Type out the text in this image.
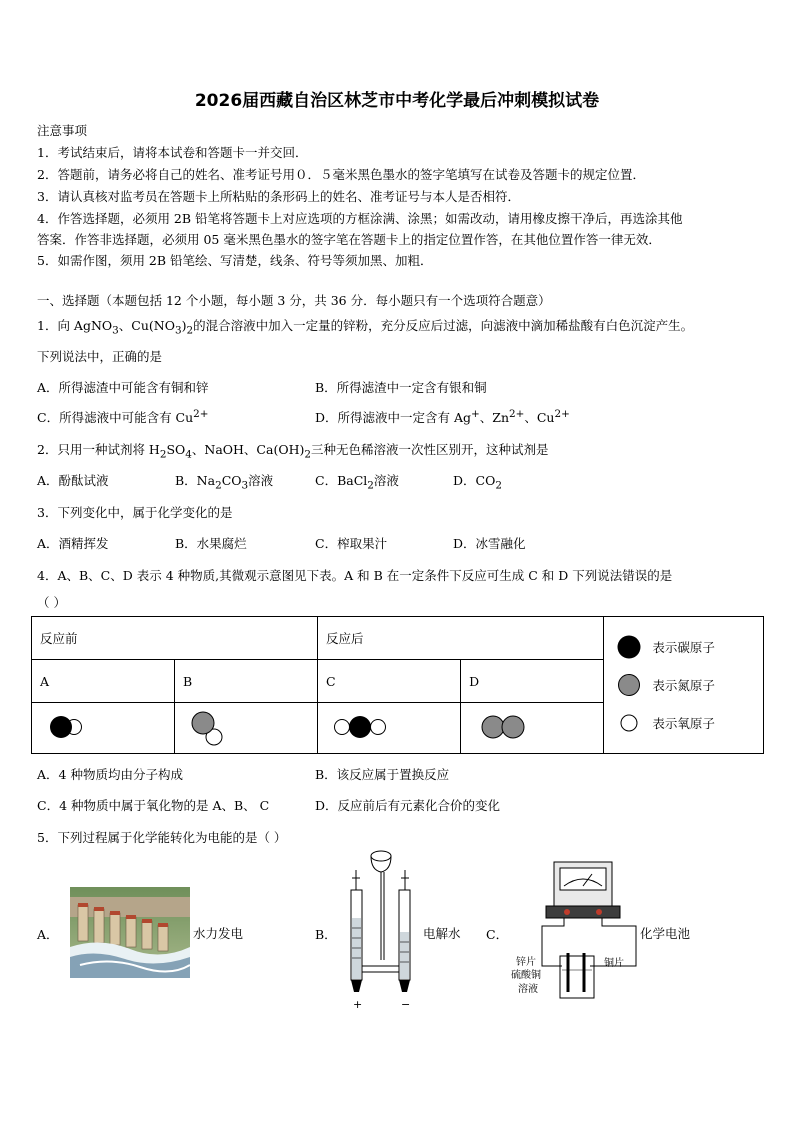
2026届西藏自治区林芝市中考化学最后冲刺模拟试卷
注意事项
1．考试结束后，请将本试卷和答题卡一并交回．
2．答题前，请务必将自己的姓名、准考证号用０．５毫米黑色墨水的签字笔填写在试卷及答题卡的规定位置．
3．请认真核对监考员在答题卡上所粘贴的条形码上的姓名、准考证号与本人是否相符．
4．作答选择题，必须用 2B 铅笔将答题卡上对应选项的方框涂满、涂黑；如需改动，请用橡皮擦干净后，再选涂其他
答案．作答非选择题，必须用 05 毫米黑色墨水的签字笔在答题卡上的指定位置作答，在其他位置作答一律无效．
5．如需作图，须用 2B 铅笔绘、写清楚，线条、符号等须加黑、加粗．
一、选择题（本题包括 12 个小题，每小题 3 分，共 36 分．每小题只有一个选项符合题意）
1．向 AgNO$_3$、$Cu(NO_3)_2$的混合溶液中加入一定量的锌粉，充分反应后过滤，向滤液中滴加稀盐酸有白色沉淀产生。
下列说法中，正确的是
A．所得滤渣中可能含有铜和锌	B．所得滤渣中一定含有银和铜
C．所得滤液中可能含有 $Cu^{2+}$	D．所得滤液中一定含有 Ag+、$Zn^{2+}$、$Cu^{2+}$
2．只用一种试剂将 $H_2SO_4$、NaOH、$Ca(OH)_2$三种无色稀溶液一次性区别开，这种试剂是
A．酚酞试液	B．$Na_2CO_3$溶液	C．BaCl$_2$溶液	D．$CO_2$
3．下列变化中，属于化学变化的是
A．酒精挥发	B．水果腐烂	C．榨取果汁	D．冰雪融化
4．A、B、C、D 表示 4 种物质,其微观示意图见下表。A 和 B 在一定条件下反应可生成 C 和 D 下列说法错误的是
（ ）
反应前		反应后		表示碳原子
表示氮原子
表示氧原子

A	B	C	D	

A．4 种物质均由分子构成	B．该反应属于置换反应
C．4 种物质中属于氧化物的是 A、B、 C	D．反应前后有元素化合价的变化
5．下列过程属于化学能转化为电能的是（ ）
A．	水力发电	B．
+	−
电解水 C．
锌片
硫酸铜
溶液
铜片
化学电池
